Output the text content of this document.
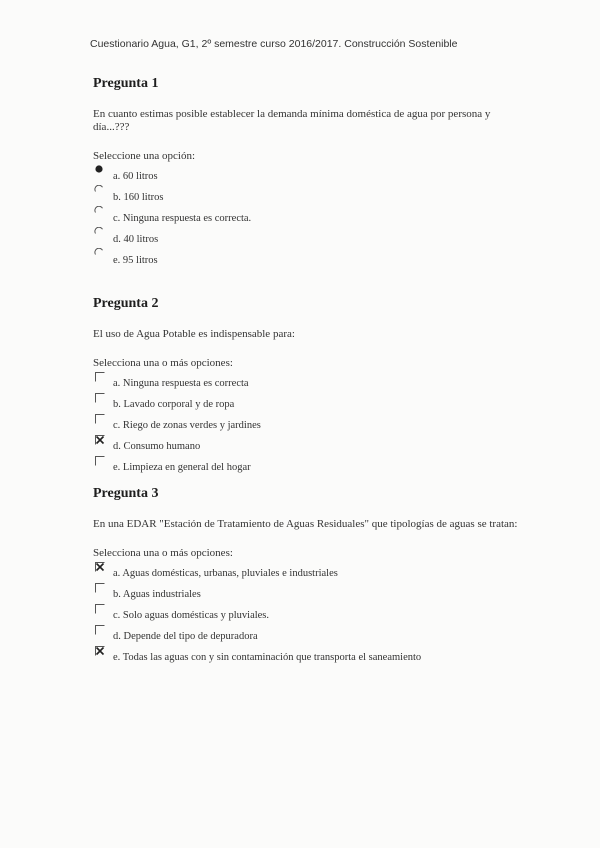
Cuestionario Agua, G1, 2º semestre curso 2016/2017. Construcción Sostenible
Pregunta 1
En cuanto estimas posible establecer la demanda mínima doméstica de agua por persona y día...???
Seleccione una opción:
a. 60 litros
b. 160 litros
c. Ninguna respuesta es correcta.
d. 40 litros
e. 95 litros
Pregunta 2
El uso de Agua Potable es indispensable para:
Selecciona una o más opciones:
a. Ninguna respuesta es correcta
b. Lavado corporal y de ropa
c. Riego de zonas verdes y jardines
d. Consumo humano
e. Limpieza en general del hogar
Pregunta 3
En una EDAR "Estación de Tratamiento de Aguas Residuales" que tipologías de aguas se tratan:
Selecciona una o más opciones:
a. Aguas domésticas, urbanas, pluviales e industriales
b. Aguas industriales
c. Solo aguas domésticas y pluviales.
d. Depende del tipo de depuradora
e. Todas las aguas con y sin contaminación que transporta el saneamiento
